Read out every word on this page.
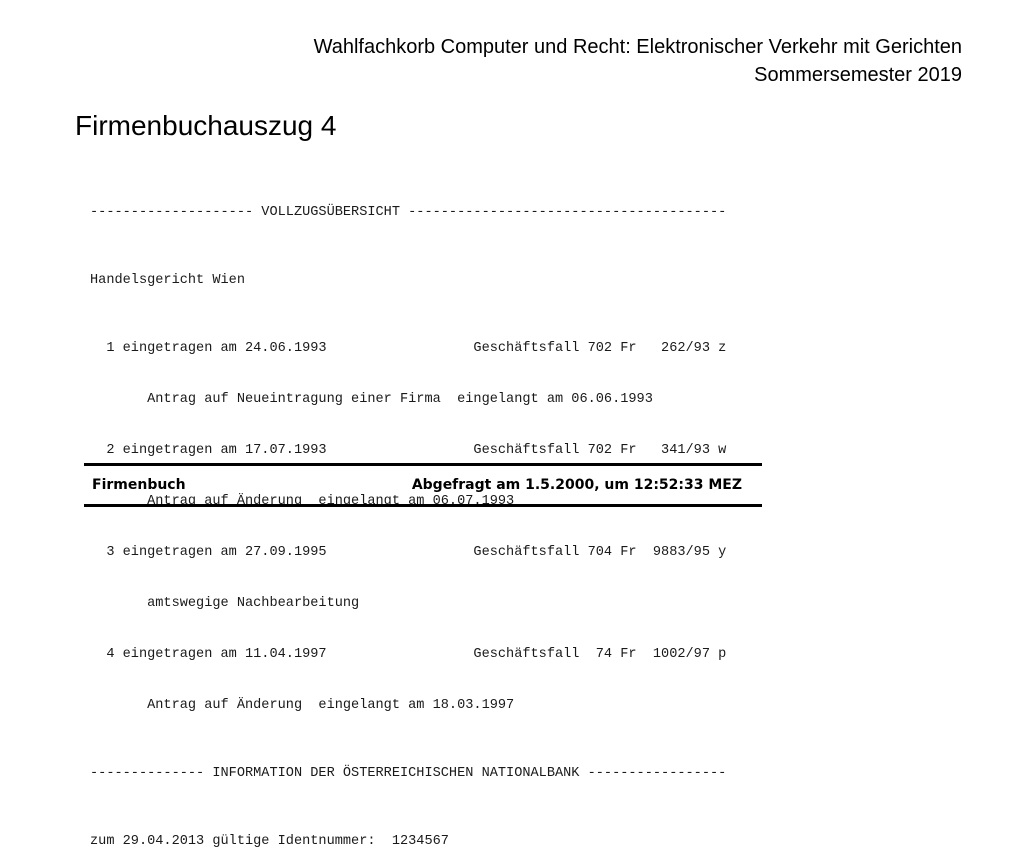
Wahlfachkorb Computer und Recht: Elektronischer Verkehr mit Gerichten
Sommersemester 2019
Firmenbuchauszug 4

-------------------- VOLLZUGSÜBERSICHT ---------------------------------------

Handelsgericht Wien

1 eingetragen am 24.06.1993                  Geschäftsfall 702 Fr   262/93 z

Antrag auf Neueintragung einer Firma  eingelangt am 06.06.1993

2 eingetragen am 17.07.1993                  Geschäftsfall 702 Fr   341/93 w

Antrag auf Änderung  eingelangt am 06.07.1993

3 eingetragen am 27.09.1995                  Geschäftsfall 704 Fr  9883/95 y

amtswegige Nachbearbeitung

4 eingetragen am 11.04.1997                  Geschäftsfall  74 Fr  1002/97 p

Antrag auf Änderung  eingelangt am 18.03.1997

-------------- INFORMATION DER ÖSTERREICHISCHEN NATIONALBANK -----------------

zum 29.04.2013 gültige Identnummer:  1234567

Firmenbuch	Abgefragt am 1.5.2000, um 12:52:33 MEZ
